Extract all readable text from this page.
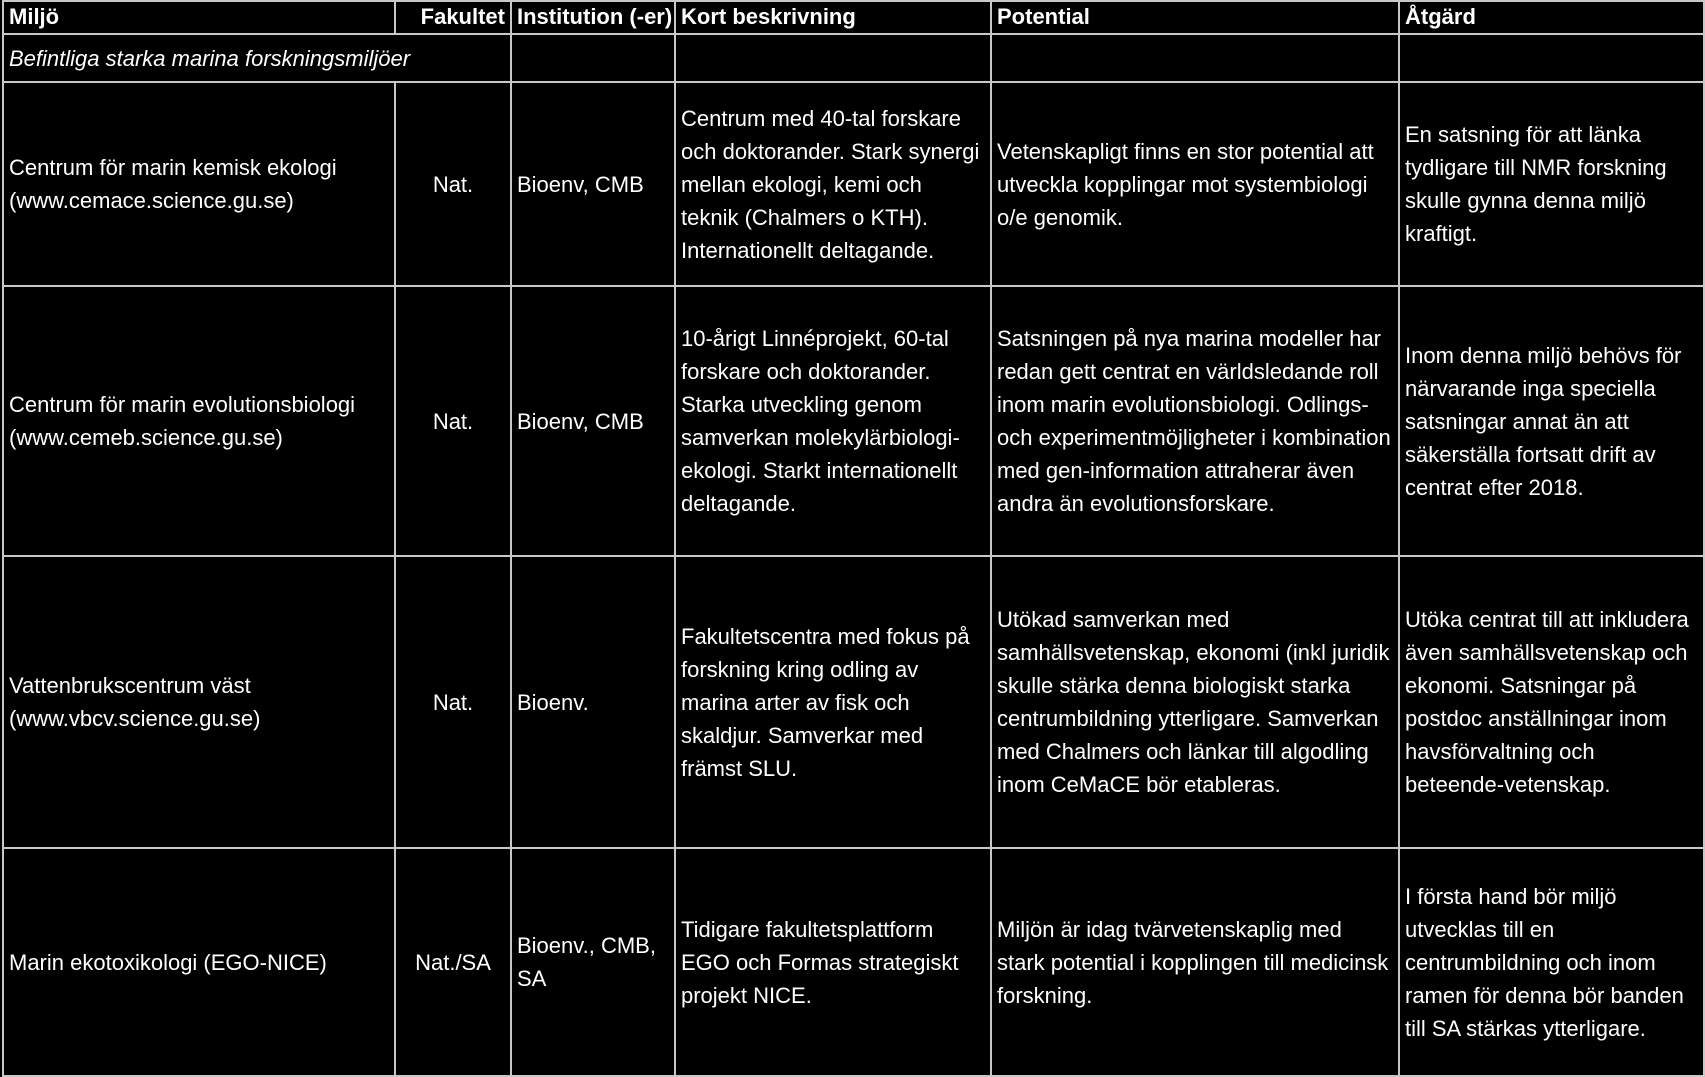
Miljö	Fakultet	Institution (-er)	Kort beskrivning	Potential	Åtgärd
Befintliga starka marina forskningsmiljöer					
Centrum för marin kemisk ekologi (www.cemace.science.gu.se)	Nat.	Bioenv, CMB	Centrum med 40-tal forskare och doktorander. Stark synergi mellan ekologi, kemi och teknik (Chalmers o KTH). Internationellt deltagande.	Vetenskapligt finns en stor potential att utveckla kopplingar mot systembiologi o/e genomik.	En satsning för att länka tydligare till NMR forskning skulle gynna denna miljö kraftigt.
Centrum för marin evolutionsbiologi (www.cemeb.science.gu.se)	Nat.	Bioenv, CMB	10-årigt Linnéprojekt, 60-tal forskare och doktorander. Starka utveckling genom samverkan molekylärbiologi-ekologi. Starkt internationellt deltagande.	Satsningen på nya marina modeller har redan gett centrat en världsledande roll inom marin evolutionsbiologi. Odlings- och experimentmöjligheter i kombination med gen-information attraherar även andra än evolutionsforskare.	Inom denna miljö behövs för närvarande inga speciella satsningar annat än att säkerställa fortsatt drift av centrat efter 2018.
Vattenbrukscentrum väst (www.vbcv.science.gu.se)	Nat.	Bioenv.	Fakultetscentra med fokus på forskning kring odling av marina arter av fisk och skaldjur. Samverkar med främst SLU.	Utökad samverkan med samhällsvetenskap, ekonomi (inkl juridik skulle stärka denna biologiskt starka centrumbildning ytterligare. Samverkan med Chalmers och länkar till algodling inom CeMaCE bör etableras.	Utöka centrat till att inkludera även samhällsvetenskap och ekonomi. Satsningar på postdoc anställningar inom havsförvaltning och beteende-vetenskap.
Marin ekotoxikologi (EGO-NICE)	Nat./SA	Bioenv., CMB, SA	Tidigare fakultetsplattform EGO och Formas strategiskt projekt NICE.	Miljön är idag tvärvetenskaplig med stark potential i kopplingen till medicinsk forskning.	I första hand bör miljö utvecklas till en centrumbildning och inom ramen för denna bör banden till SA stärkas ytterligare.
